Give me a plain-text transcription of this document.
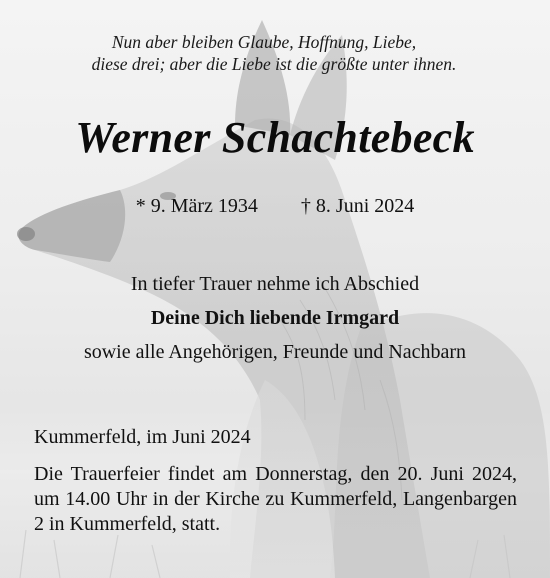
Nun aber bleiben Glaube, Hoffnung, Liebe,
diese drei; aber die Liebe ist die größte unter ihnen.
Werner Schachtebeck
* 9. März 1934 † 8. Juni 2024
In tiefer Trauer nehme ich Abschied
Deine Dich liebende Irmgard
sowie alle Angehörigen, Freunde und Nachbarn
Kummerfeld, im Juni 2024
Die Trauerfeier findet am Donnerstag, den 20. Juni 2024, um 14.00 Uhr in der Kirche zu Kummerfeld, Langenbargen 2 in Kummerfeld, statt.
